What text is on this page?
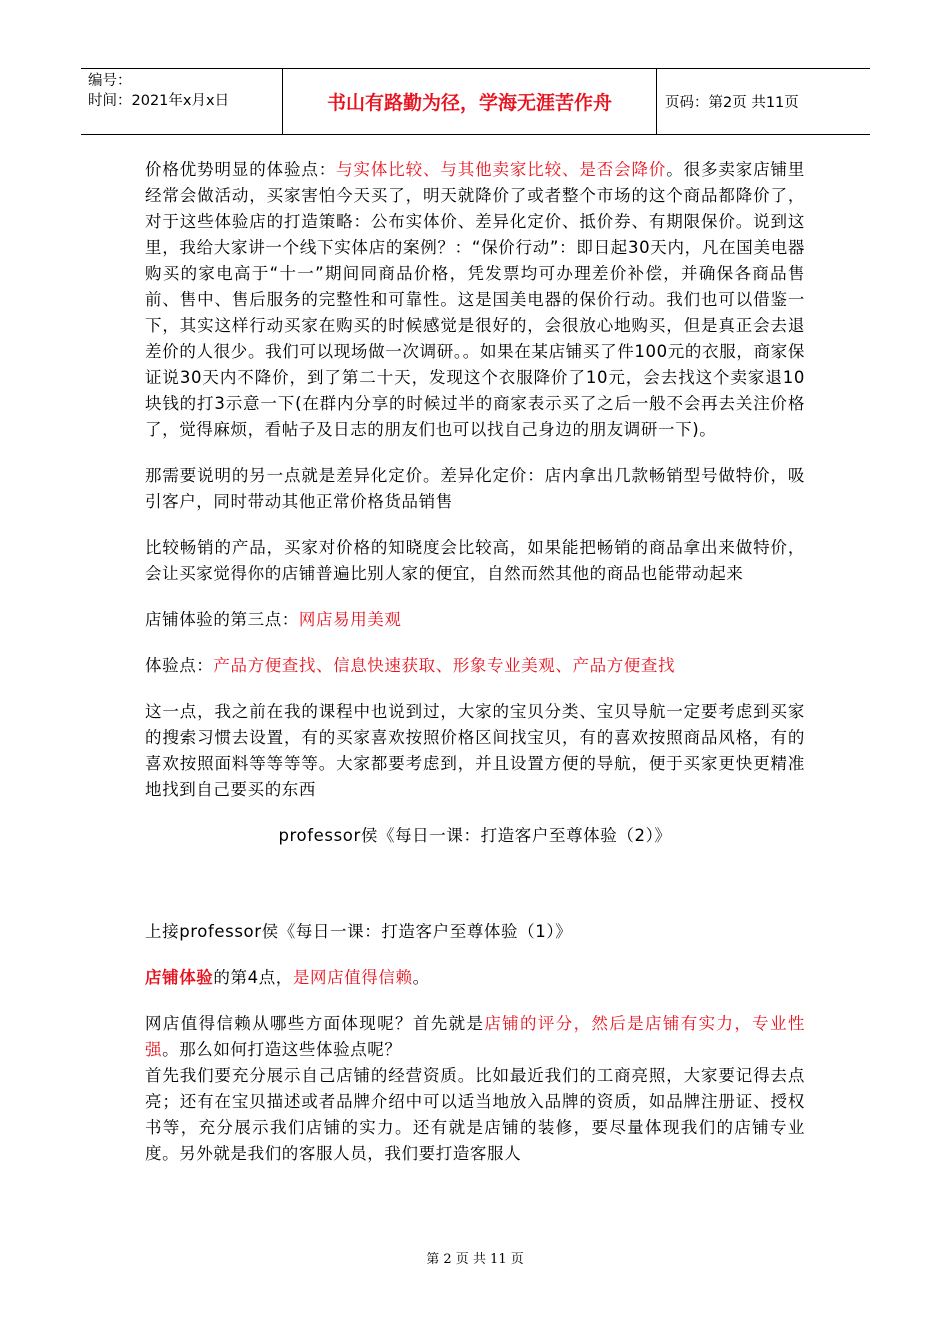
编号：
时间：2021年x月x日	书山有路勤为径，学海无涯苦作舟	页码：第2页 共11页

价格优势明显的体验点：与实体比较、与其他卖家比较、是否会降价。很多卖家店铺里经常会做活动，买家害怕今天买了，明天就降价了或者整个市场的这个商品都降价了，对于这些体验店的打造策略：公布实体价、差异化定价、抵价券、有期限保价。说到这里，我给大家讲一个线下实体店的案例？：“保价行动”：即日起30天内，凡在国美电器购买的家电高于“十一”期间同商品价格，凭发票均可办理差价补偿，并确保各商品售前、售中、售后服务的完整性和可靠性。这是国美电器的保价行动。我们也可以借鉴一下，其实这样行动买家在购买的时候感觉是很好的，会很放心地购买，但是真正会去退差价的人很少。我们可以现场做一次调研。。如果在某店铺买了件100元的衣服，商家保证说30天内不降价，到了第二十天，发现这个衣服降价了10元，会去找这个卖家退10块钱的打3示意一下(在群内分享的时候过半的商家表示买了之后一般不会再去关注价格了，觉得麻烦，看帖子及日志的朋友们也可以找自己身边的朋友调研一下)。

那需要说明的另一点就是差异化定价。差异化定价：店内拿出几款畅销型号做特价，吸引客户，同时带动其他正常价格货品销售

比较畅销的产品，买家对价格的知晓度会比较高，如果能把畅销的商品拿出来做特价，会让买家觉得你的店铺普遍比别人家的便宜，自然而然其他的商品也能带动起来

店铺体验的第三点：网店易用美观

体验点：产品方便查找、信息快速获取、形象专业美观、产品方便查找

这一点，我之前在我的课程中也说到过，大家的宝贝分类、宝贝导航一定要考虑到买家的搜索习惯去设置，有的买家喜欢按照价格区间找宝贝，有的喜欢按照商品风格，有的喜欢按照面料等等等等。大家都要考虑到，并且设置方便的导航，便于买家更快更精准地找到自己要买的东西

professor侯《每日一课：打造客户至尊体验（2）》

上接professor侯《每日一课：打造客户至尊体验（1）》

店铺体验的第4点，是网店值得信赖。

网店值得信赖从哪些方面体现呢？首先就是店铺的评分，然后是店铺有实力，专业性强。那么如何打造这些体验点呢？

首先我们要充分展示自己店铺的经营资质。比如最近我们的工商亮照，大家要记得去点亮；还有在宝贝描述或者品牌介绍中可以适当地放入品牌的资质，如品牌注册证、授权书等，充分展示我们店铺的实力。还有就是店铺的装修，要尽量体现我们的店铺专业度。另外就是我们的客服人员，我们要打造客服人

第 2 页 共 11 页
